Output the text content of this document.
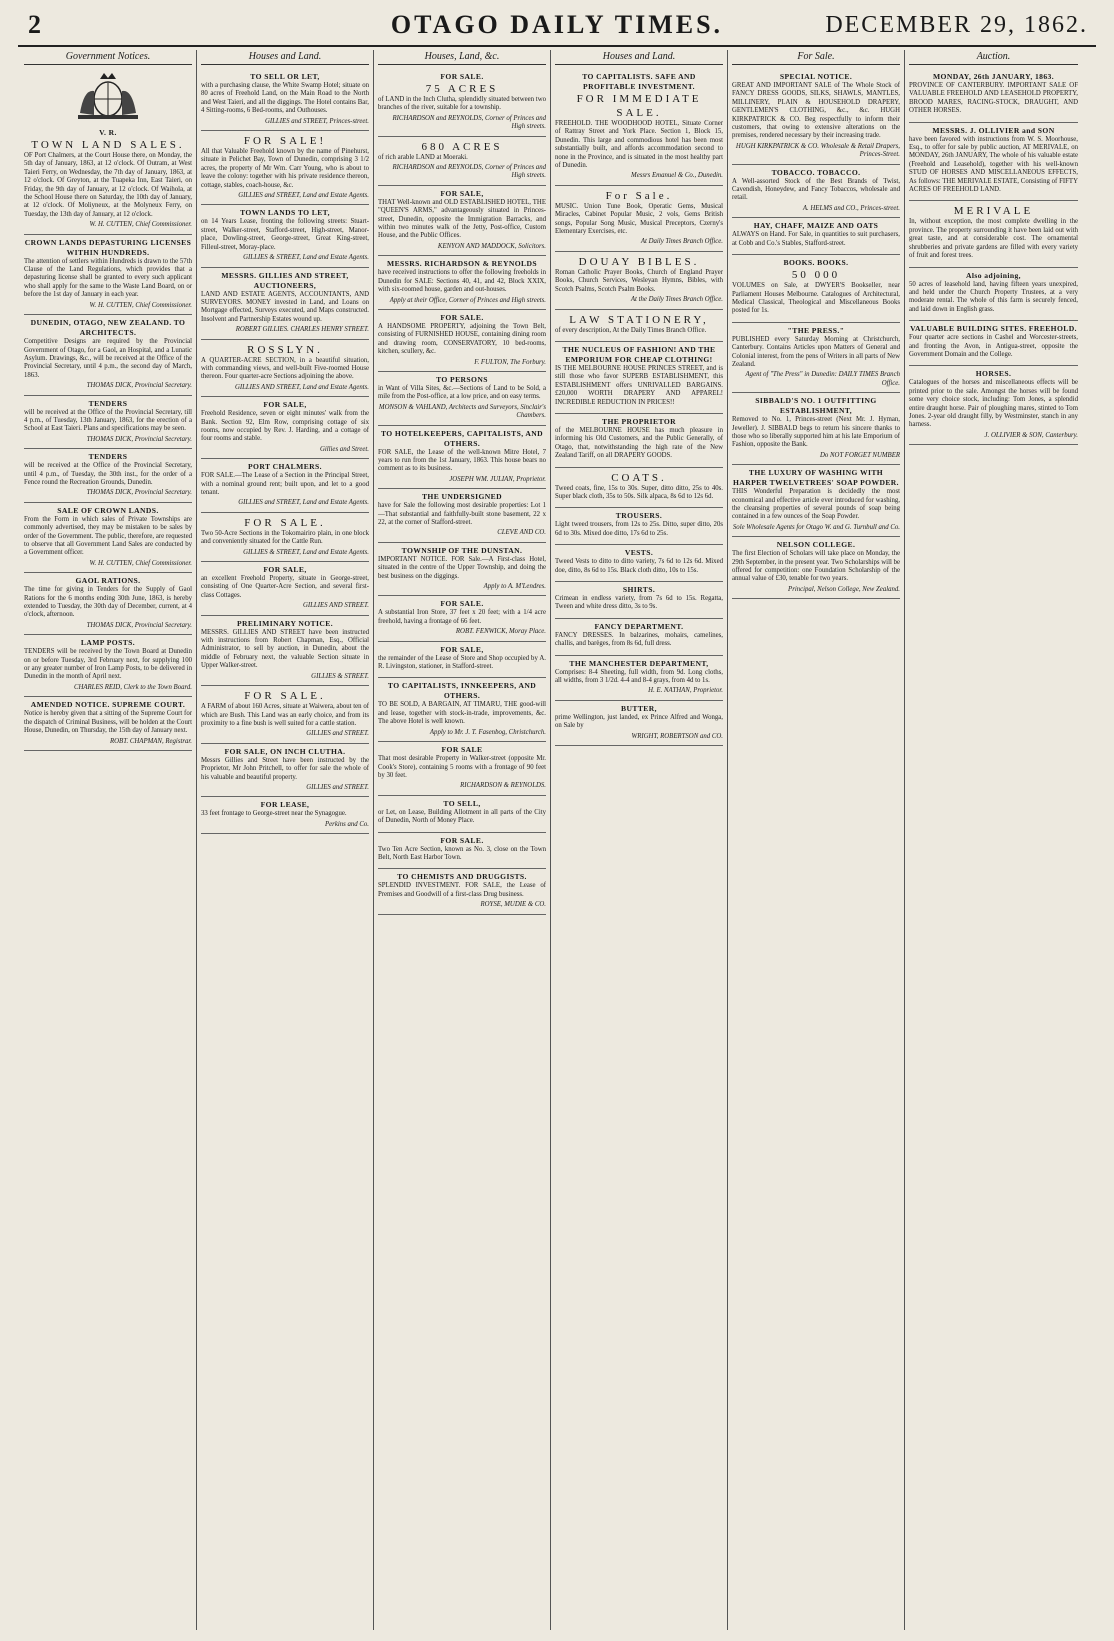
2	OTAGO DAILY TIMES.	DECEMBER 29, 1862.
Government Notices.
V. R.
TOWN LAND SALES.

OF Port Chalmers, at the Court House there, on Monday, the 5th day of January, 1863, at 12 o'clock. Of Outram, at West Taieri Ferry, on Wednesday, the 7th day of January, 1863, at 12 o'clock. Of Greyton, at the Tuapeka Inn, East Taieri, on Friday, the 9th day of January, at 12 o'clock. Of Waihola, at the School House there on Saturday, the 10th day of January, at 12 o'clock. Of Moliyneux, at the Molyneux Ferry, on Tuesday, the 13th day of January, at 12 o'clock.

W. H. CUTTEN, Chief Commissioner.
CROWN LANDS DEPASTURING LICENSES WITHIN HUNDREDS.

The attention of settlers within Hundreds is drawn to the 57th Clause of the Land Regulations, which provides that a depasturing license shall be granted to every such applicant who shall apply for the same to the Waste Land Board, on or before the 1st day of January in each year.

W. H. CUTTEN, Chief Commissioner.
DUNEDIN, OTAGO, NEW ZEALAND. TO ARCHITECTS.

Competitive Designs are required by the Provincial Government of Otago, for a Gaol, an Hospital, and a Lunatic Asylum. Drawings, &c., will be received at the Office of the Provincial Secretary, until 4 p.m., the second day of March, 1863.

THOMAS DICK, Provincial Secretary.
TENDERS

will be received at the Office of the Provincial Secretary, till 4 p.m., of Tuesday, 13th January, 1863, for the erection of a School at East Taieri. Plans and specifications may be seen.

THOMAS DICK, Provincial Secretary.
TENDERS

will be received at the Office of the Provincial Secretary, until 4 p.m., of Tuesday, the 30th inst., for the order of a Fence round the Recreation Grounds, Dunedin.

THOMAS DICK, Provincial Secretary.
SALE OF CROWN LANDS.

From the Form in which sales of Private Townships are commonly advertised, they may be mistaken to be sales by order of the Government. The public, therefore, are requested to observe that all Government Land Sales are conducted by a Government officer.

W. H. CUTTEN, Chief Commissioner.
GAOL RATIONS.

The time for giving in Tenders for the Supply of Gaol Rations for the 6 months ending 30th June, 1863, is hereby extended to Tuesday, the 30th day of December, current, at 4 o'clock, afternoon.

THOMAS DICK, Provincial Secretary.
LAMP POSTS.

TENDERS will be received by the Town Board at Dunedin on or before Tuesday, 3rd February next, for supplying 100 or any greater number of Iron Lamp Posts, to be delivered in Dunedin in the month of April next.

CHARLES REID, Clerk to the Town Board.
AMENDED NOTICE. SUPREME COURT.

Notice is hereby given that a sitting of the Supreme Court for the dispatch of Criminal Business, will be holden at the Court House, Dunedin, on Thursday, the 15th day of January next.

ROBT. CHAPMAN, Registrar.
Houses and Land.
TO SELL OR LET,

with a purchasing clause, the White Swamp Hotel; situate on 80 acres of Freehold Land, on the Main Road to the North and West Taieri, and all the diggings. The Hotel contains Bar, 4 Sitting-rooms, 6 Bed-rooms, and Outhouses.

GILLIES and STREET, Princes-street.
FOR SALE!

All that Valuable Freehold known by the name of Pinehurst, situate in Pelichet Bay, Town of Dunedin, comprising 3 1/2 acres, the property of Mr Wm. Carr Young, who is about to leave the colony: together with his private residence thereon, cottage, stables, coach-house, &c.

GILLIES and STREET, Land and Estate Agents.
TOWN LANDS TO LET,

on 14 Years Lease, fronting the following streets: Stuart-street, Walker-street, Stafford-street, High-street, Manor-place, Dowling-street, George-street, Great King-street, Filleul-street, Moray-place.

GILLIES & STREET, Land and Estate Agents.
MESSRS. GILLIES AND STREET, AUCTIONEERS,

LAND AND ESTATE AGENTS, ACCOUNTANTS, AND SURVEYORS. MONEY invested in Land, and Loans on Mortgage effected, Surveys executed, and Maps constructed. Insolvent and Partnership Estates wound up.

ROBERT GILLIES. CHARLES HENRY STREET.
ROSSLYN.

A QUARTER-ACRE SECTION, in a beautiful situation, with commanding views, and well-built Five-roomed House thereon. Four quarter-acre Sections adjoining the above.

GILLIES AND STREET, Land and Estate Agents.
FOR SALE,

Freehold Residence, seven or eight minutes' walk from the Bank. Section 92, Elm Row, comprising cottage of six rooms, now occupied by Rev. J. Harding, and a cottage of four rooms and stable.

Gillies and Street.
PORT CHALMERS.

FOR SALE.—The Lease of a Section in the Principal Street, with a nominal ground rent; built upon, and let to a good tenant.

GILLIES and STREET, Land and Estate Agents.
FOR SALE.

Two 50-Acre Sections in the Tokomairiro plain, in one block and conveniently situated for the Cattle Run.

GILLIES & STREET, Land and Estate Agents.
FOR SALE,

an excellent Freehold Property, situate in George-street, consisting of One Quarter-Acre Section, and several first-class Cottages.

GILLIES AND STREET.
PRELIMINARY NOTICE.

MESSRS. GILLIES AND STREET have been instructed with instructions from Robert Chapman, Esq., Official Administrator, to sell by auction, in Dunedin, about the middle of February next, the valuable Section situate in Upper Walker-street.

GILLIES & STREET.
FOR SALE.

A FARM of about 160 Acres, situate at Waiwera, about ten of which are Bush. This Land was an early choice, and from its proximity to a fine bush is well suited for a cattle station.

GILLIES and STREET.
FOR SALE, ON INCH CLUTHA.

Messrs Gillies and Street have been instructed by the Proprietor, Mr John Pritchell, to offer for sale the whole of his valuable and beautiful property.

GILLIES and STREET.
FOR LEASE,

33 feet frontage to George-street near the Synagogue.

Perkins and Co.
Houses, Land, &c.
FOR SALE.
75 ACRES

of LAND in the Inch Clutha, splendidly situated between two branches of the river, suitable for a township.

RICHARDSON and REYNOLDS, Corner of Princes and High streets.
680 ACRES

of rich arable LAND at Moeraki.

RICHARDSON and REYNOLDS, Corner of Princes and High streets.
FOR SALE,

THAT Well-known and OLD ESTABLISHED HOTEL, THE "QUEEN'S ARMS," advantageously situated in Princes-street, Dunedin, opposite the Immigration Barracks, and within two minutes walk of the Jetty, Post-office, Custom House, and the Public Offices.

KENYON AND MADDOCK, Solicitors.
MESSRS. RICHARDSON & REYNOLDS

have received instructions to offer the following freeholds in Dunedin for SALE: Sections 40, 41, and 42, Block XXIX, with six-roomed house, garden and out-houses.

Apply at their Office, Corner of Princes and High streets.
FOR SALE.

A HANDSOME PROPERTY, adjoining the Town Belt, consisting of FURNISHED HOUSE, containing dining room and drawing room, CONSERVATORY, 10 bed-rooms, kitchen, scullery, &c.

F. FULTON, The Forbury.
TO PERSONS

in Want of Villa Sites, &c.—Sections of Land to be Sold, a mile from the Post-office, at a low price, and on easy terms.

MONSON & VAHLAND, Architects and Surveyors, Sinclair's Chambers.
TO HOTELKEEPERS, CAPITALISTS, AND OTHERS.

FOR SALE, the Lease of the well-known Mitre Hotel, 7 years to run from the 1st January, 1863. This house bears no comment as to its business.

JOSEPH WM. JULIAN, Proprietor.
THE UNDERSIGNED

have for Sale the following most desirable properties: Lot 1—That substantial and faithfully-built stone basement, 22 x 22, at the corner of Stafford-street.

CLEVE AND CO.
TOWNSHIP OF THE DUNSTAN.

IMPORTANT NOTICE. FOR Sale.—A First-class Hotel, situated in the centre of the Upper Township, and doing the best business on the diggings.

Apply to A. M'Lendres.
FOR SALE.

A substantial Iron Store, 37 feet x 20 feet; with a 1/4 acre freehold, having a frontage of 66 feet.

ROBT. FENWICK, Moray Place.
FOR SALE,

the remainder of the Lease of Store and Shop occupied by A. R. Livingston, stationer, in Stafford-street.

TO CAPITALISTS, INNKEEPERS, AND OTHERS.

TO BE SOLD, A BARGAIN, AT TIMARU, THE good-will and lease, together with stock-in-trade, improvements, &c. The above Hotel is well known.

Apply to Mr. J. T. Fasenbog, Christchurch.
FOR SALE

That most desirable Property in Walker-street (opposite Mr. Cook's Store), containing 5 rooms with a frontage of 90 feet by 30 feet.

RICHARDSON & REYNOLDS.
TO SELL,

or Let, on Lease, Building Allotment in all parts of the City of Dunedin, North of Money Place.

FOR SALE.

Two Ten Acre Section, known as No. 3, close on the Town Belt, North East Harbor Town.

TO CHEMISTS AND DRUGGISTS.

SPLENDID INVESTMENT. FOR SALE, the Lease of Premises and Goodwill of a first-class Drug business.

ROYSE, MUDIE & CO.
Houses and Land.
TO CAPITALISTS. SAFE AND PROFITABLE INVESTMENT.
FOR IMMEDIATE SALE.

FREEHOLD. THE WOODHOOD HOTEL, Situate Corner of Rattray Street and York Place. Section 1, Block 15, Dunedin. This large and commodious hotel has been most substantially built, and affords accommodation second to none in the Province, and is situated in the most healthy part of Dunedin.

Messrs Emanuel & Co., Dunedin.
For Sale.

MUSIC. Union Tune Book, Operatic Gems, Musical Miracles, Cabinet Popular Music, 2 vols, Gems British songs, Popular Song Music, Musical Preceptors, Czerny's Elementary Exercises, etc.

At Daily Times Branch Office.
DOUAY BIBLES.

Roman Catholic Prayer Books, Church of England Prayer Books, Church Services, Wesleyan Hymns, Bibles, with Scotch Psalms, Scotch Psalm Books.

At the Daily Times Branch Office.
LAW STATIONERY,

of every description, At the Daily Times Branch Office.

THE NUCLEUS OF FASHION! AND THE EMPORIUM FOR CHEAP CLOTHING!

IS THE MELBOURNE HOUSE PRINCES STREET, and is still those who favor SUPERB ESTABLISHMENT, this ESTABLISHMENT offers UNRIVALLED BARGAINS. £20,000 WORTH DRAPERY AND APPAREL! INCREDIBLE REDUCTION IN PRICES!!

THE PROPRIETOR

of the MELBOURNE HOUSE has much pleasure in informing his Old Customers, and the Public Generally, of Otago, that, notwithstanding the high rate of the New Zealand Tariff, on all DRAPERY GOODS.

COATS.

Tweed coats, fine, 15s to 30s. Super, ditto ditto, 25s to 40s. Super black cloth, 35s to 50s. Silk alpaca, 8s 6d to 12s 6d.

TROUSERS.

Light tweed trousers, from 12s to 25s. Ditto, super ditto, 20s 6d to 30s. Mixed doe ditto, 17s 6d to 25s.

VESTS.

Tweed Vests to ditto to ditto variety, 7s 6d to 12s 6d. Mixed doe, ditto, 8s 6d to 15s. Black cloth ditto, 10s to 15s.

SHIRTS.

Crimean in endless variety, from 7s 6d to 15s. Regatta, Tween and white dress ditto, 3s to 9s.

FANCY DEPARTMENT.

FANCY DRESSES. In balzarines, mohairs, camelines, challis, and barèges, from 8s 6d, full dress.

THE MANCHESTER DEPARTMENT,

Comprises: 8-4 Sheeting, full width, from 9d. Long cloths, all widths, from 3 1/2d. 4-4 and 8-4 grays, from 4d to 1s.

H. E. NATHAN, Proprietor.
BUTTER,

prime Wellington, just landed, ex Prince Alfred and Wonga, on Sale by

WRIGHT, ROBERTSON and CO.
For Sale.
SPECIAL NOTICE.

GREAT AND IMPORTANT SALE of The Whole Stock of FANCY DRESS GOODS, SILKS, SHAWLS, MANTLES, MILLINERY, PLAIN & HOUSEHOLD DRAPERY, GENTLEMEN'S CLOTHING, &c., &c. HUGH KIRKPATRICK & CO. Beg respectfully to inform their customers, that owing to extensive alterations on the premises, rendered necessary by their increasing trade.

HUGH KIRKPATRICK & CO. Wholesale & Retail Drapers, Princes-Street.
TOBACCO. TOBACCO.

A Well-assorted Stock of the Best Brands of Twist, Cavendish, Honeydew, and Fancy Tobaccos, wholesale and retail.

A. HELMS and CO., Princes-street.
HAY, CHAFF, MAIZE AND OATS

ALWAYS on Hand. For Sale, in quantities to suit purchasers, at Cobb and Co.'s Stables, Stafford-street.

BOOKS. BOOKS.
50 000

VOLUMES on Sale, at DWYER'S Bookseller, near Parliament Houses Melbourne. Catalogues of Architectural, Medical Classical, Theological and Miscellaneous Books posted for 1s.

"THE PRESS."

PUBLISHED every Saturday Morning at Christchurch, Canterbury. Contains Articles upon Matters of General and Colonial interest, from the pens of Writers in all parts of New Zealand.

Agent of "The Press" in Dunedin: DAILY TIMES Branch Office.
SIBBALD'S NO. 1 OUTFITTING ESTABLISHMENT,

Removed to No. 1, Princes-street (Next Mr. J. Hyman, Jeweller). J. SIBBALD begs to return his sincere thanks to those who so liberally supported him at his late Emporium of Fashion, opposite the Bank.

Do NOT FORGET NUMBER
THE LUXURY OF WASHING WITH HARPER TWELVETREES' SOAP POWDER.

THIS Wonderful Preparation is decidedly the most economical and effective article ever introduced for washing, the cleansing properties of several pounds of soap being contained in a few ounces of the Soap Powder.

Sole Wholesale Agents for Otago W. and G. Turnbull and Co.
NELSON COLLEGE.

The first Election of Scholars will take place on Monday, the 29th September, in the present year. Two Scholarships will be offered for competition: one Foundation Scholarship of the annual value of £30, tenable for two years.

Principal, Nelson College, New Zealand.
Auction.
MONDAY, 26th JANUARY, 1863.

PROVINCE OF CANTERBURY. IMPORTANT SALE OF VALUABLE FREEHOLD AND LEASEHOLD PROPERTY, BROOD MARES, RACING-STOCK, DRAUGHT, AND OTHER HORSES.

MESSRS. J. OLLIVIER and SON

have been favored with instructions from W. S. Moorhouse, Esq., to offer for sale by public auction, AT MERIVALE, on MONDAY, 26th JANUARY, The whole of his valuable estate (Freehold and Leasehold), together with his well-known STUD OF HORSES AND MISCELLANEOUS EFFECTS, As follows: THE MERIVALE ESTATE, Consisting of FIFTY ACRES OF FREEHOLD LAND.

MERIVALE

In, without exception, the most complete dwelling in the province. The property surrounding it have been laid out with great taste, and at considerable cost. The ornamental shrubberies and private gardens are filled with every variety of fruit and forest trees.

Also adjoining,

50 acres of leasehold land, having fifteen years unexpired, and held under the Church Property Trustees, at a very moderate rental. The whole of this farm is securely fenced, and laid down in English grass.

VALUABLE BUILDING SITES. FREEHOLD.

Four quarter acre sections in Cashel and Worcester-streets, and fronting the Avon, in Antigua-street, opposite the Government Domain and the College.

HORSES.

Catalogues of the horses and miscellaneous effects will be printed prior to the sale. Amongst the horses will be found some very choice stock, including: Tom Jones, a splendid entire draught horse. Pair of ploughing mares, stinted to Tom Jones. 2-year old draught filly, by Westminster, stanch in any harness.

J. OLLIVIER & SON, Canterbury.
